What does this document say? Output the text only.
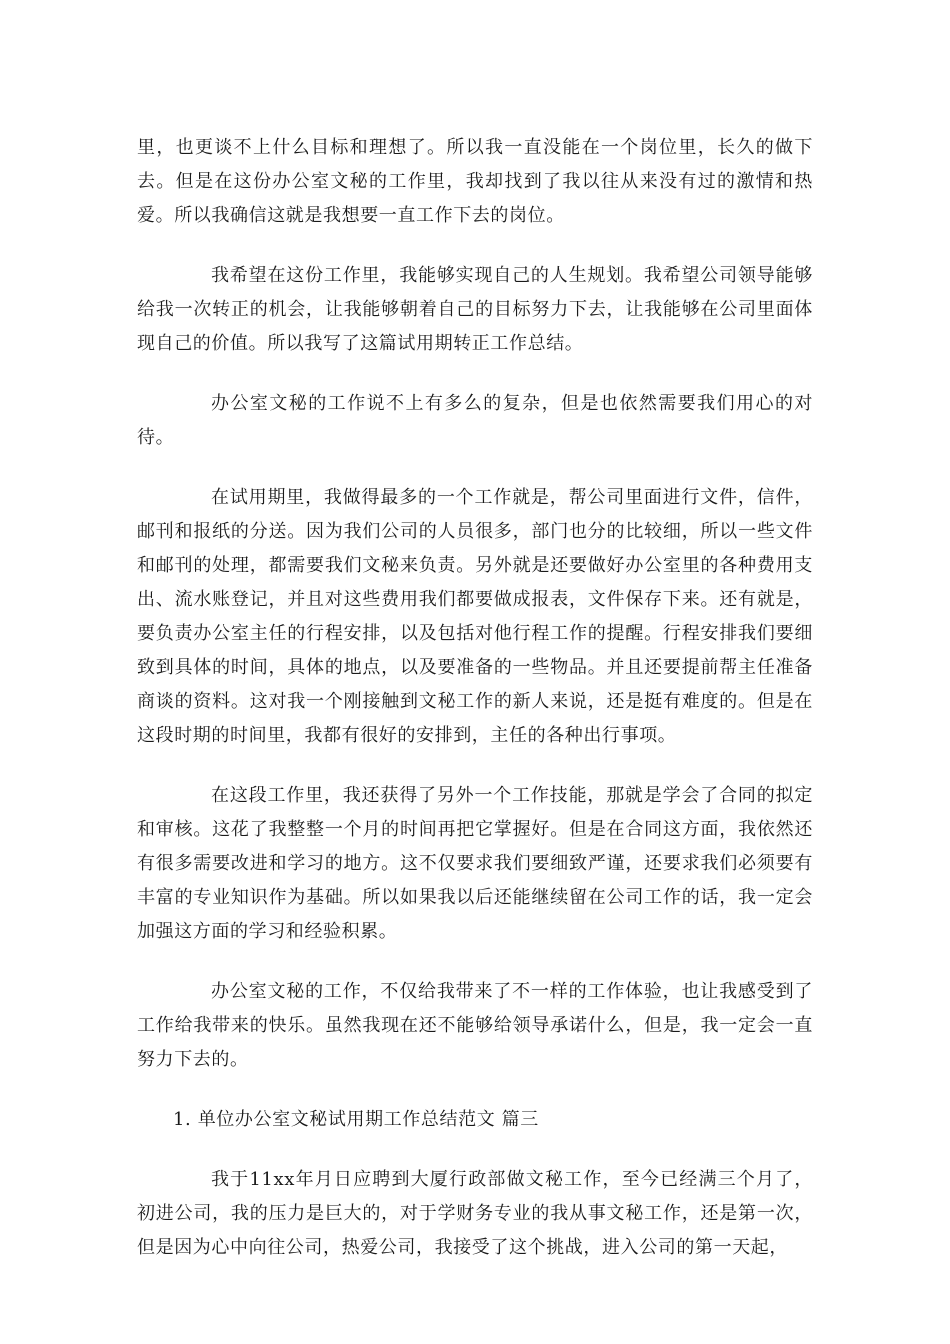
里，也更谈不上什么目标和理想了。所以我一直没能在一个岗位里，长久的做下去。但是在这份办公室文秘的工作里，我却找到了我以往从来没有过的激情和热爱。所以我确信这就是我想要一直工作下去的岗位。

我希望在这份工作里，我能够实现自己的人生规划。我希望公司领导能够给我一次转正的机会，让我能够朝着自己的目标努力下去，让我能够在公司里面体现自己的价值。所以我写了这篇试用期转正工作总结。

办公室文秘的工作说不上有多么的复杂，但是也依然需要我们用心的对待。

在试用期里，我做得最多的一个工作就是，帮公司里面进行文件，信件，邮刊和报纸的分送。因为我们公司的人员很多，部门也分的比较细，所以一些文件和邮刊的处理，都需要我们文秘来负责。另外就是还要做好办公室里的各种费用支出、流水账登记，并且对这些费用我们都要做成报表，文件保存下来。还有就是，要负责办公室主任的行程安排，以及包括对他行程工作的提醒。行程安排我们要细致到具体的时间，具体的地点，以及要准备的一些物品。并且还要提前帮主任准备商谈的资料。这对我一个刚接触到文秘工作的新人来说，还是挺有难度的。但是在这段时期的时间里，我都有很好的安排到，主任的各种出行事项。

在这段工作里，我还获得了另外一个工作技能，那就是学会了合同的拟定和审核。这花了我整整一个月的时间再把它掌握好。但是在合同这方面，我依然还有很多需要改进和学习的地方。这不仅要求我们要细致严谨，还要求我们必须要有丰富的专业知识作为基础。所以如果我以后还能继续留在公司工作的话，我一定会加强这方面的学习和经验积累。

办公室文秘的工作，不仅给我带来了不一样的工作体验，也让我感受到了工作给我带来的快乐。虽然我现在还不能够给领导承诺什么，但是，我一定会一直努力下去的。

1. 单位办公室文秘试用期工作总结范文 篇三

我于11xx年月日应聘到大厦行政部做文秘工作，至今已经满三个月了，初进公司，我的压力是巨大的，对于学财务专业的我从事文秘工作，还是第一次，但是因为心中向往公司，热爱公司，我接受了这个挑战，进入公司的第一天起，
